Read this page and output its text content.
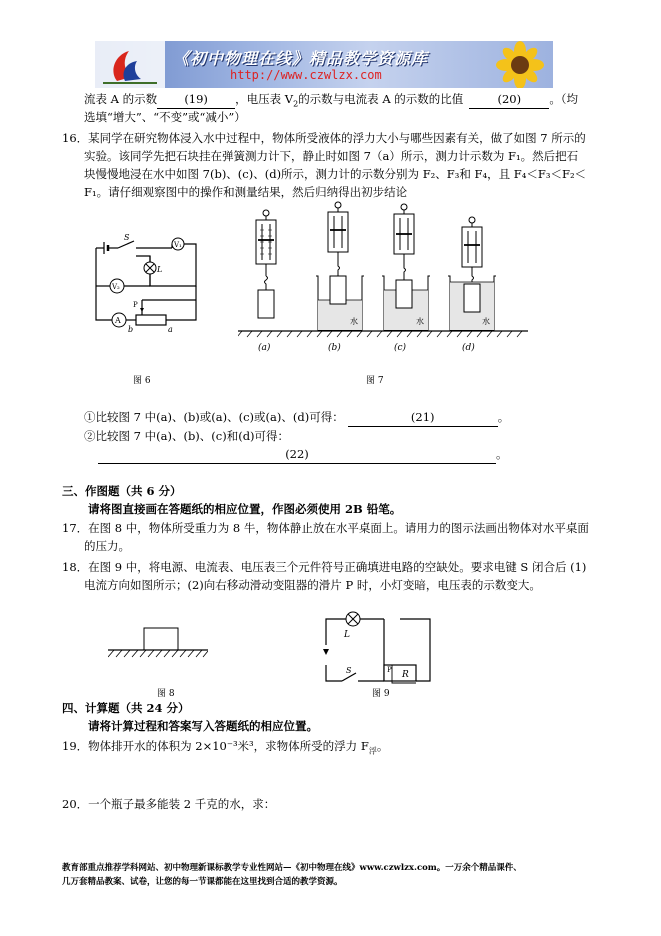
《初中物理在线》精品教学资源库
http://www.czwlzx.com
流表 A 的示数 (19) ，电压表 $V_2$的示数与电流表 A 的示数的比值	(20) 。（均
选填“增大”、“不变”或“减小”）
16．某同学在研究物体浸入水中过程中，物体所受液体的浮力大小与哪些因素有关，做了如图 7 所示的
实验。该同学先把石块挂在弹簧测力计下，静止时如图 7（a）所示，测力计示数为 F₁。然后把石
块慢慢地浸在水中如图 7(b)、(c)、(d)所示，测力计的示数分别为 F₂、F₃和 F₄，且 F₄＜F₃＜F₂＜
F₁。请仔细观察图中的操作和测量结果，然后归纳得出初步结论
S
V₁
V₂
L
A
P
b	a
图 6
水	水	水
(a)	(b)	(c)	(d)
图 7
①比较图 7 中(a)、(b)或(a)、(c)或(a)、(d)可得：	(21)	。
②比较图 7 中(a)、(b)、(c)和(d)可得：
(22)	。
三、作图题（共 6 分）
请将图直接画在答题纸的相应位置，作图必须使用 2B 铅笔。
17．在图 8 中，物体所受重力为 8 牛，物体静止放在水平桌面上。请用力的图示法画出物体对水平桌面
的压力。
18．在图 9 中，将电源、电流表、电压表三个元件符号正确填进电路的空缺处。要求电键 S 闭合后 (1)
电流方向如图所示；(2)向右移动滑动变阻器的滑片 P 时，小灯变暗，电压表的示数变大。
图 8
L
S	P R
图 9
四、计算题（共 24 分）
请将计算过程和答案写入答题纸的相应位置。
19．物体排开水的体积为 2×10⁻³米³，求物体所受的浮力 $F_浮$。
20．一个瓶子最多能装 2 千克的水，求：
教育部重点推荐学科网站、初中物理新课标教学专业性网站—《初中物理在线》www.czwlzx.com。一万余个精品课件、
几万套精品教案、试卷，让您的每一节课都能在这里找到合适的教学资源。
